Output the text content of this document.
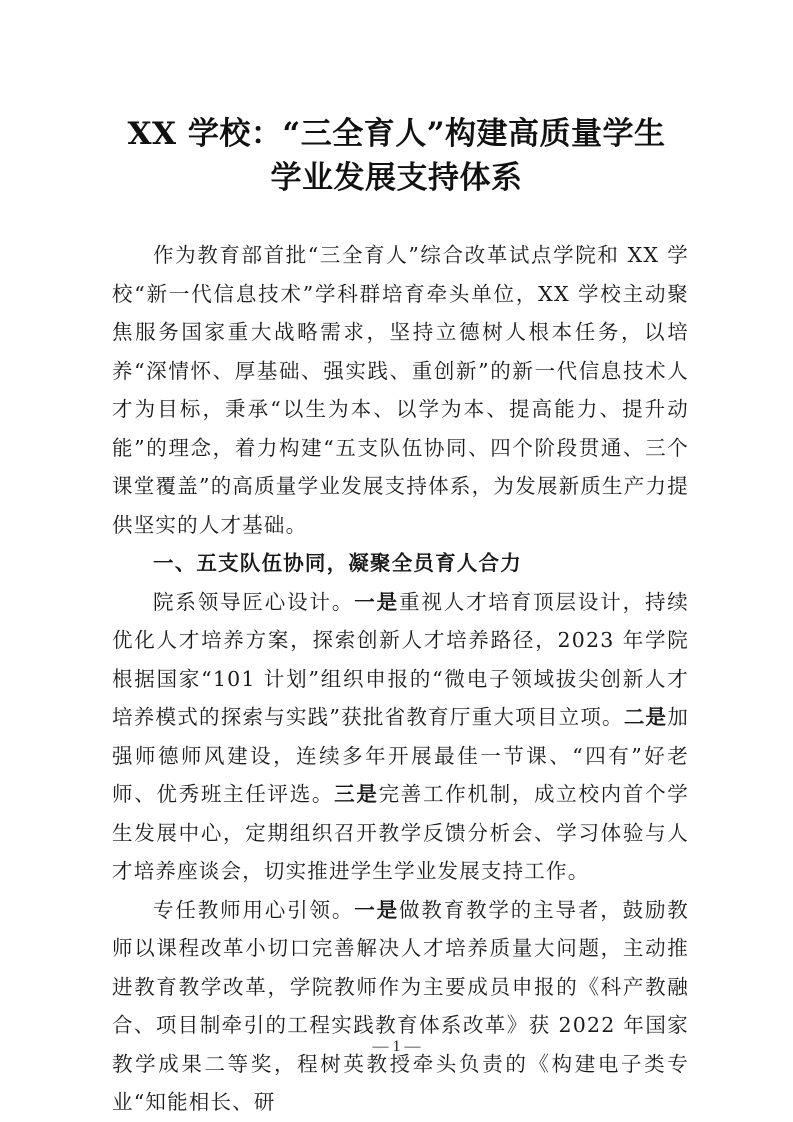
XX 学校：“三全育人”构建高质量学生
学业发展支持体系

作为教育部首批“三全育人”综合改革试点学院和 XX 学校“新一代信息技术”学科群培育牵头单位，XX 学校主动聚焦服务国家重大战略需求，坚持立德树人根本任务，以培养“深情怀、厚基础、强实践、重创新”的新一代信息技术人才为目标，秉承“以生为本、以学为本、提高能力、提升动能”的理念，着力构建“五支队伍协同、四个阶段贯通、三个课堂覆盖”的高质量学业发展支持体系，为发展新质生产力提供坚实的人才基础。

一、五支队伍协同，凝聚全员育人合力

院系领导匠心设计。一是重视人才培育顶层设计，持续优化人才培养方案，探索创新人才培养路径，2023 年学院根据国家“101 计划”组织申报的“微电子领域拔尖创新人才培养模式的探索与实践”获批省教育厅重大项目立项。二是加强师德师风建设，连续多年开展最佳一节课、“四有”好老师、优秀班主任评选。三是完善工作机制，成立校内首个学生发展中心，定期组织召开教学反馈分析会、学习体验与人才培养座谈会，切实推进学生学业发展支持工作。

专任教师用心引领。一是做教育教学的主导者，鼓励教师以课程改革小切口完善解决人才培养质量大问题，主动推进教育教学改革，学院教师作为主要成员申报的《科产教融合、项目制牵引的工程实践教育体系改革》获 2022 年国家教学成果二等奖，程树英教授牵头负责的《构建电子类专业“知能相长、研

— 1 —
